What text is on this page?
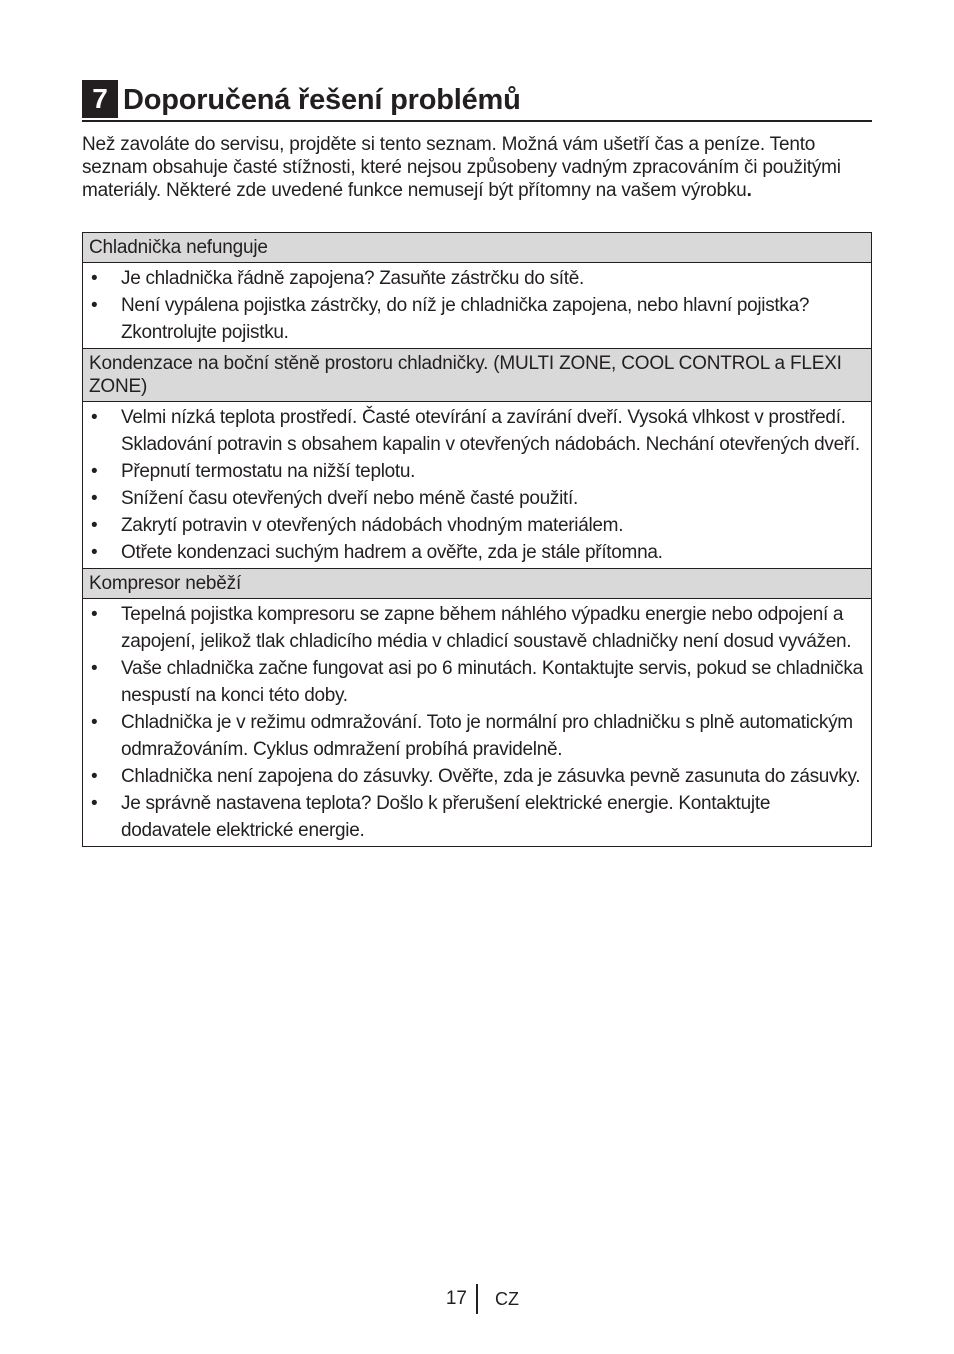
7 Doporučená řešení problémů

Než zavoláte do servisu, projděte si tento seznam. Možná vám ušetří čas a peníze. Tento seznam obsahuje časté stížnosti, které nejsou způsobeny vadným zpracováním či použitými materiály. Některé zde uvedené funkce nemusejí být přítomny na vašem výrobku.

Chladnička nefunguje
• Je chladnička řádně zapojena? Zasuňte zástrčku do sítě.
• Není vypálena pojistka zástrčky, do níž je chladnička zapojena, nebo hlavní pojistka? Zkontrolujte pojistku.
Kondenzace na boční stěně prostoru chladničky. (MULTI ZONE, COOL CONTROL a FLEXI ZONE)
• Velmi nízká teplota prostředí. Časté otevírání a zavírání dveří. Vysoká vlhkost v prostředí. Skladování potravin s obsahem kapalin v otevřených nádobách. Nechání otevřených dveří.
• Přepnutí termostatu na nižší teplotu.
• Snížení času otevřených dveří nebo méně časté použití.
• Zakrytí potravin v otevřených nádobách vhodným materiálem.
• Otřete kondenzaci suchým hadrem a ověřte, zda je stále přítomna.
Kompresor neběží
• Tepelná pojistka kompresoru se zapne během náhlého výpadku energie nebo odpojení a zapojení, jelikož tlak chladicího média v chladicí soustavě chladničky není dosud vyvážen.
• Vaše chladnička začne fungovat asi po 6 minutách. Kontaktujte servis, pokud se chladnička nespustí na konci této doby.
• Chladnička je v režimu odmražování. Toto je normální pro chladničku s plně automatickým odmražováním. Cyklus odmražení probíhá pravidelně.
• Chladnička není zapojena do zásuvky. Ověřte, zda je zásuvka pevně zasunuta do zásuvky.
• Je správně nastavena teplota? Došlo k přerušení elektrické energie. Kontaktujte dodavatele elektrické energie.
17 CZ
